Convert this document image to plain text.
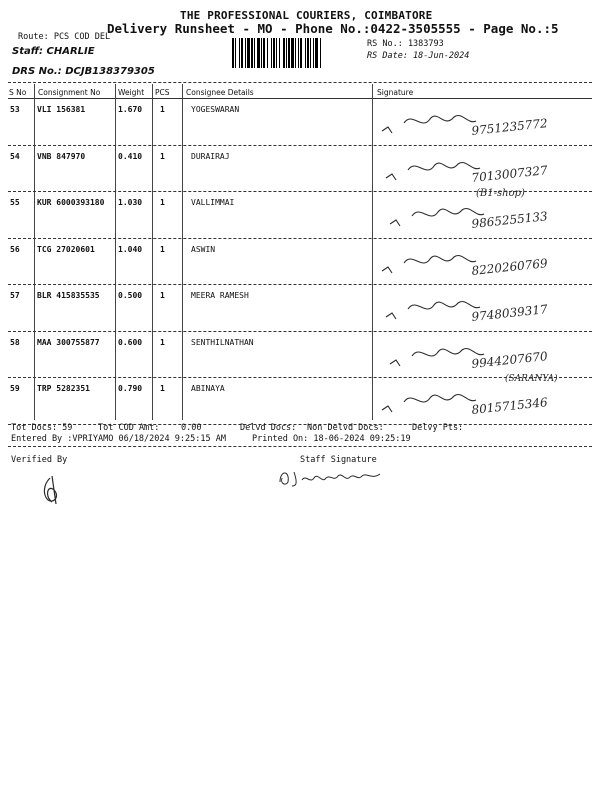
THE PROFESSIONAL COURIERS, COIMBATORE
Delivery Runsheet - MO - Phone No.:0422-3505555 - Page No.:5
Route: PCS COD DEL
Staff: CHARLIE
DRS No.: DCJB138379305
RS No.: 1383793
RS Date: 18-Jun-2024
S No Consignment No Weight PCS Consignee Details	Signature
53 VLI 156381	1.670 1	YOGESWARAN
9751235772
54 VNB 847970	0.410 1	DURAIRAJ
7013007327
55 KUR 6000393180 1.030 1	VALLIMMAI
9865255133
56 TCG 27020601	1.040 1	ASWIN
8220260769
57 BLR 415835535 0.500 1	MEERA RAMESH
9748039317
58 MAA 300755877 0.600 1	SENTHILNATHAN
9944207670
59 TRP 5282351	0.790 1	ABINAYA
8015715346
(B1-shop)
(SARANYA)
Tot Docs: 59	Tot COD Amt:	0.00	Delvd Docs: Non Delvd Docs:	Delvy Pts:
Entered By :VPRIYAMO 06/18/2024 9:25:15 AM	Printed On: 18-06-2024 09:25:19
Verified By	Staff Signature
